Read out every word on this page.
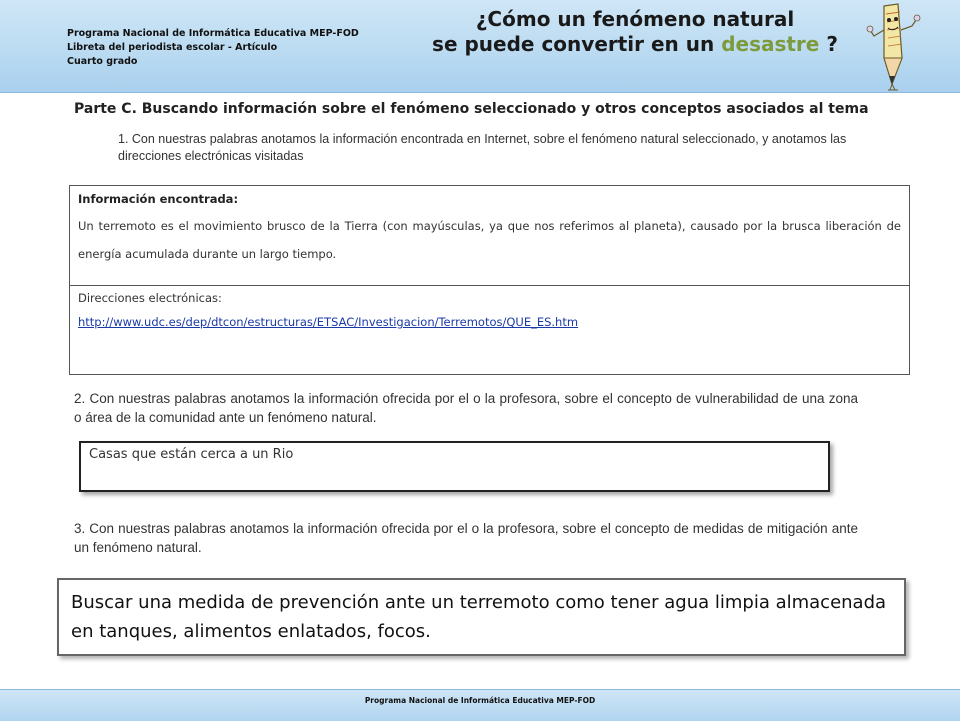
Programa Nacional de Informática Educativa MEP-FOD
Libreta del periodista escolar - Artículo
Cuarto grado
¿Cómo un fenómeno natural
se puede convertir en un desastre ?
Parte C. Buscando información sobre el fenómeno seleccionado y otros conceptos asociados al tema
1. Con nuestras palabras anotamos la información encontrada en Internet, sobre el fenómeno natural seleccionado, y anotamos las direcciones electrónicas visitadas
Información encontrada:
Un terremoto es el movimiento brusco de la Tierra (con mayúsculas, ya que nos referimos al planeta), causado por la brusca liberación de energía acumulada durante un largo tiempo.
Direcciones electrónicas:
http://www.udc.es/dep/dtcon/estructuras/ETSAC/Investigacion/Terremotos/QUE_ES.htm
2. Con nuestras palabras anotamos la información ofrecida por el o la profesora, sobre el concepto de vulnerabilidad de una zona o área de la comunidad ante un fenómeno natural.
Casas que están cerca a un Rio
3. Con nuestras palabras anotamos la información ofrecida por el o la profesora, sobre el concepto de medidas de mitigación ante un fenómeno natural.
Buscar una medida de prevención ante un terremoto como tener agua limpia almacenada en tanques, alimentos enlatados, focos.
Programa Nacional de Informática Educativa MEP-FOD
